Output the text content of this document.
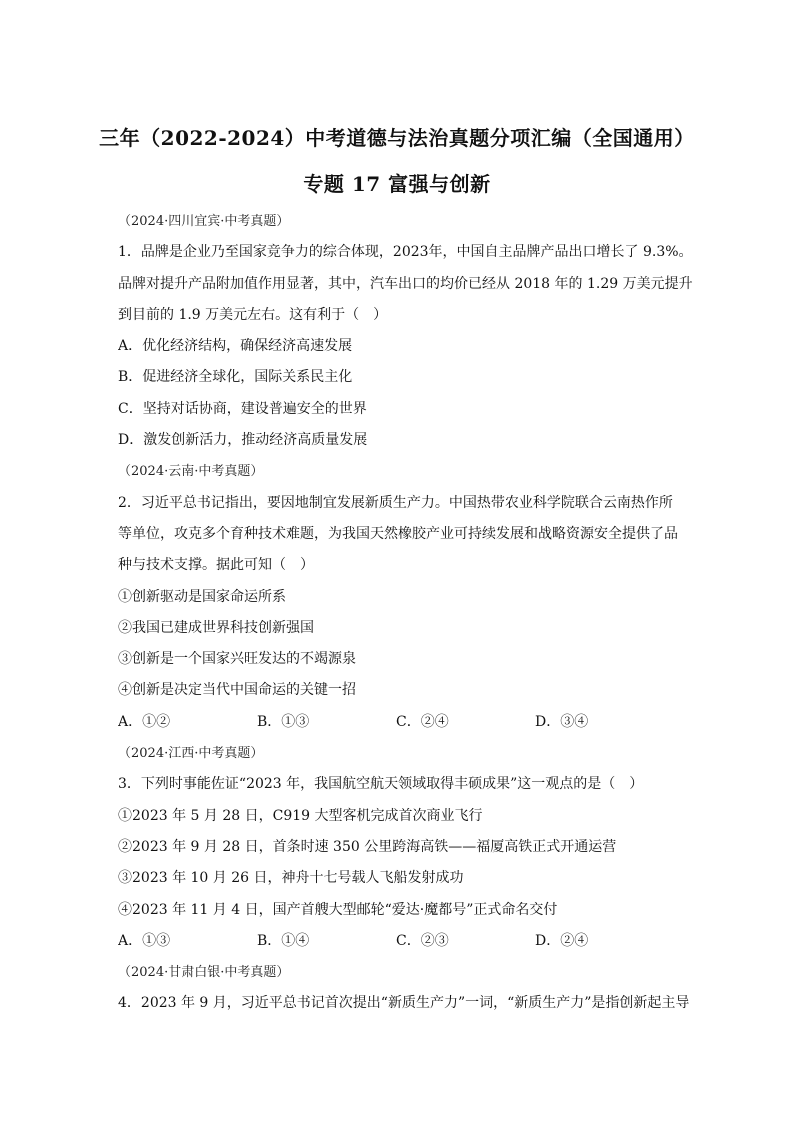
三年（2022-2024）中考道德与法治真题分项汇编（全国通用）
专题 17 富强与创新
（2024·四川宜宾·中考真题）
1．品牌是企业乃至国家竞争力的综合体现，2023年，中国自主品牌产品出口增长了 9.3%。
品牌对提升产品附加值作用显著，其中，汽车出口的均价已经从 2018 年的 1.29 万美元提升
到目前的 1.9 万美元左右。这有利于（　）
A．优化经济结构，确保经济高速发展
B．促进经济全球化，国际关系民主化
C．坚持对话协商，建设普遍安全的世界
D．激发创新活力，推动经济高质量发展
（2024·云南·中考真题）
2．习近平总书记指出，要因地制宜发展新质生产力。中国热带农业科学院联合云南热作所
等单位，攻克多个育种技术难题，为我国天然橡胶产业可持续发展和战略资源安全提供了品
种与技术支撑。据此可知（　）
①创新驱动是国家命运所系
②我国已建成世界科技创新强国
③创新是一个国家兴旺发达的不竭源泉
④创新是决定当代中国命运的关键一招
A．①②	B．①③	C．②④	D．③④
（2024·江西·中考真题）
3．下列时事能佐证“2023 年，我国航空航天领域取得丰硕成果”这一观点的是（　）
①2023 年 5 月 28 日，C919 大型客机完成首次商业飞行
②2023 年 9 月 28 日，首条时速 350 公里跨海高铁——福厦高铁正式开通运营
③2023 年 10 月 26 日，神舟十七号载人飞船发射成功
④2023 年 11 月 4 日，国产首艘大型邮轮“爱达·魔都号”正式命名交付
A．①③	B．①④	C．②③	D．②④
（2024·甘肃白银·中考真题）
4．2023 年 9 月，习近平总书记首次提出“新质生产力”一词，“新质生产力”是指创新起主导
